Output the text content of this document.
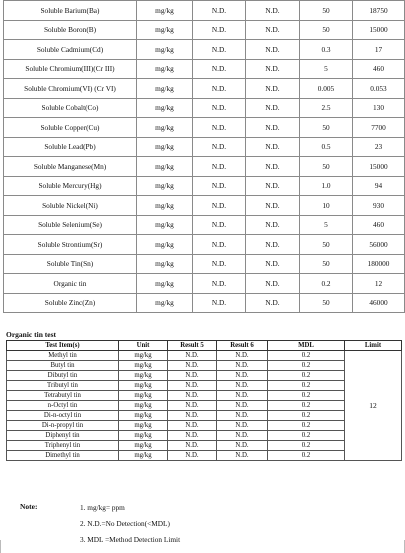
Soluble Barium(Ba)	mg/kg	N.D.	N.D.	50	18750
Soluble Boron(B)	mg/kg	N.D.	N.D.	50	15000
Soluble Cadmium(Cd)	mg/kg	N.D.	N.D.	0.3	17
Soluble Chromium(III)(Cr III)	mg/kg	N.D.	N.D.	5	460
Soluble Chromium(VI) (Cr VI)	mg/kg	N.D.	N.D.	0.005	0.053
Soluble Cobalt(Co)	mg/kg	N.D.	N.D.	2.5	130
Soluble Copper(Cu)	mg/kg	N.D.	N.D.	50	7700
Soluble Lead(Pb)	mg/kg	N.D.	N.D.	0.5	23
Soluble Manganese(Mn)	mg/kg	N.D.	N.D.	50	15000
Soluble Mercury(Hg)	mg/kg	N.D.	N.D.	1.0	94
Soluble Nickel(Ni)	mg/kg	N.D.	N.D.	10	930
Soluble Selenium(Se)	mg/kg	N.D.	N.D.	5	460
Soluble Strontium(Sr)	mg/kg	N.D.	N.D.	50	56000
Soluble Tin(Sn)	mg/kg	N.D.	N.D.	50	180000
Organic tin	mg/kg	N.D.	N.D.	0.2	12
Soluble Zinc(Zn)	mg/kg	N.D.	N.D.	50	46000
Organic tin test
Test Item(s)	Unit	Result 5	Result 6	MDL	Limit
Methyl tin	mg/kg	N.D.	N.D.	0.2	12
Butyl tin	mg/kg	N.D.	N.D.	0.2	
Dibutyl tin	mg/kg	N.D.	N.D.	0.2	
Tributyl tin	mg/kg	N.D.	N.D.	0.2	
Tetrabutyl tin	mg/kg	N.D.	N.D.	0.2	
n-Octyl tin	mg/kg	N.D.	N.D.	0.2	
Di-n-octyl tin	mg/kg	N.D.	N.D.	0.2	
Di-n-propyl tin	mg/kg	N.D.	N.D.	0.2	
Diphenyl tin	mg/kg	N.D.	N.D.	0.2	
Triphenyl tin	mg/kg	N.D.	N.D.	0.2	
Dimethyl tin	mg/kg	N.D.	N.D.	0.2	
Note:	1. mg/kg= ppm
2. N.D.=No Detection(<MDL)
3. MDL =Method Detection Limit
